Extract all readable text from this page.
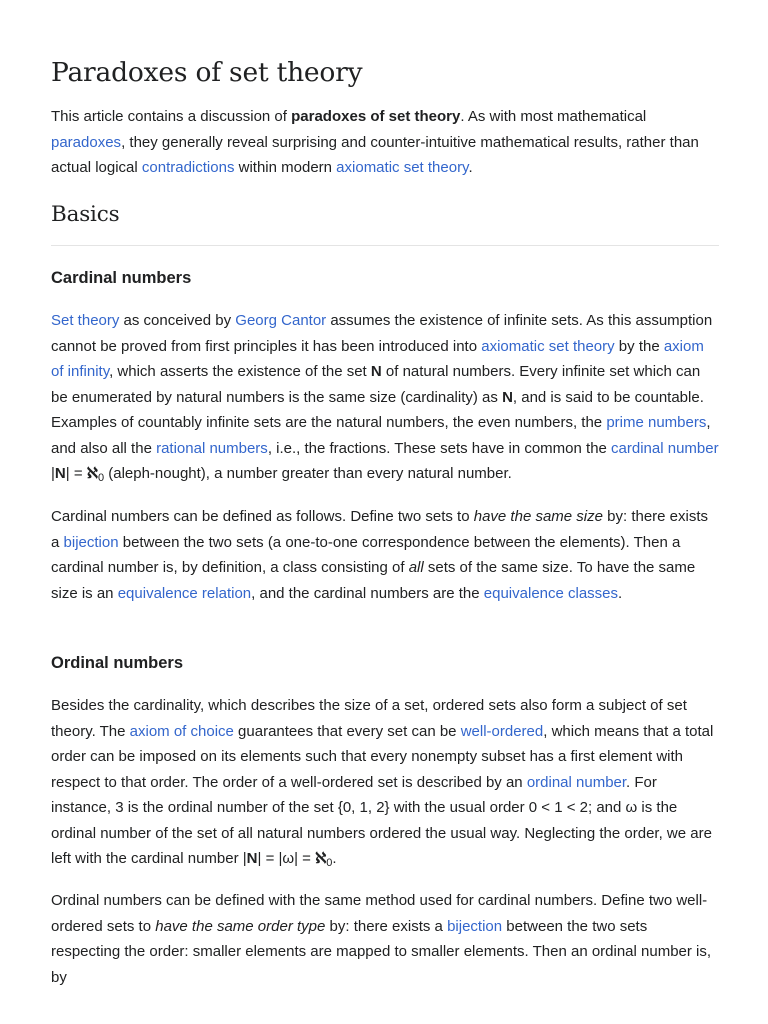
Paradoxes of set theory

This article contains a discussion of paradoxes of set theory. As with most mathematical paradoxes, they generally reveal surprising and counter-intuitive mathematical results, rather than actual logical contradictions within modern axiomatic set theory.

Basics
Cardinal numbers

Set theory as conceived by Georg Cantor assumes the existence of infinite sets. As this assumption cannot be proved from first principles it has been introduced into axiomatic set theory by the axiom of infinity, which asserts the existence of the set N of natural numbers. Every infinite set which can be enumerated by natural numbers is the same size (cardinality) as N, and is said to be countable. Examples of countably infinite sets are the natural numbers, the even numbers, the prime numbers, and also all the rational numbers, i.e., the fractions. These sets have in common the cardinal number |N| = ℵ$_0$ (aleph-nought), a number greater than every natural number.

Cardinal numbers can be defined as follows. Define two sets to have the same size by: there exists a bijection between the two sets (a one-to-one correspondence between the elements). Then a cardinal number is, by definition, a class consisting of all sets of the same size. To have the same size is an equivalence relation, and the cardinal numbers are the equivalence classes.

Ordinal numbers

Besides the cardinality, which describes the size of a set, ordered sets also form a subject of set theory. The axiom of choice guarantees that every set can be well-ordered, which means that a total order can be imposed on its elements such that every nonempty subset has a first element with respect to that order. The order of a well-ordered set is described by an ordinal number. For instance, 3 is the ordinal number of the set {0, 1, 2} with the usual order 0 < 1 < 2; and ω is the ordinal number of the set of all natural numbers ordered the usual way. Neglecting the order, we are left with the cardinal number |N| = |ω| = ℵ$_0$.

Ordinal numbers can be defined with the same method used for cardinal numbers. Define two well-ordered sets to have the same order type by: there exists a bijection between the two sets respecting the order: smaller elements are mapped to smaller elements. Then an ordinal number is, by
